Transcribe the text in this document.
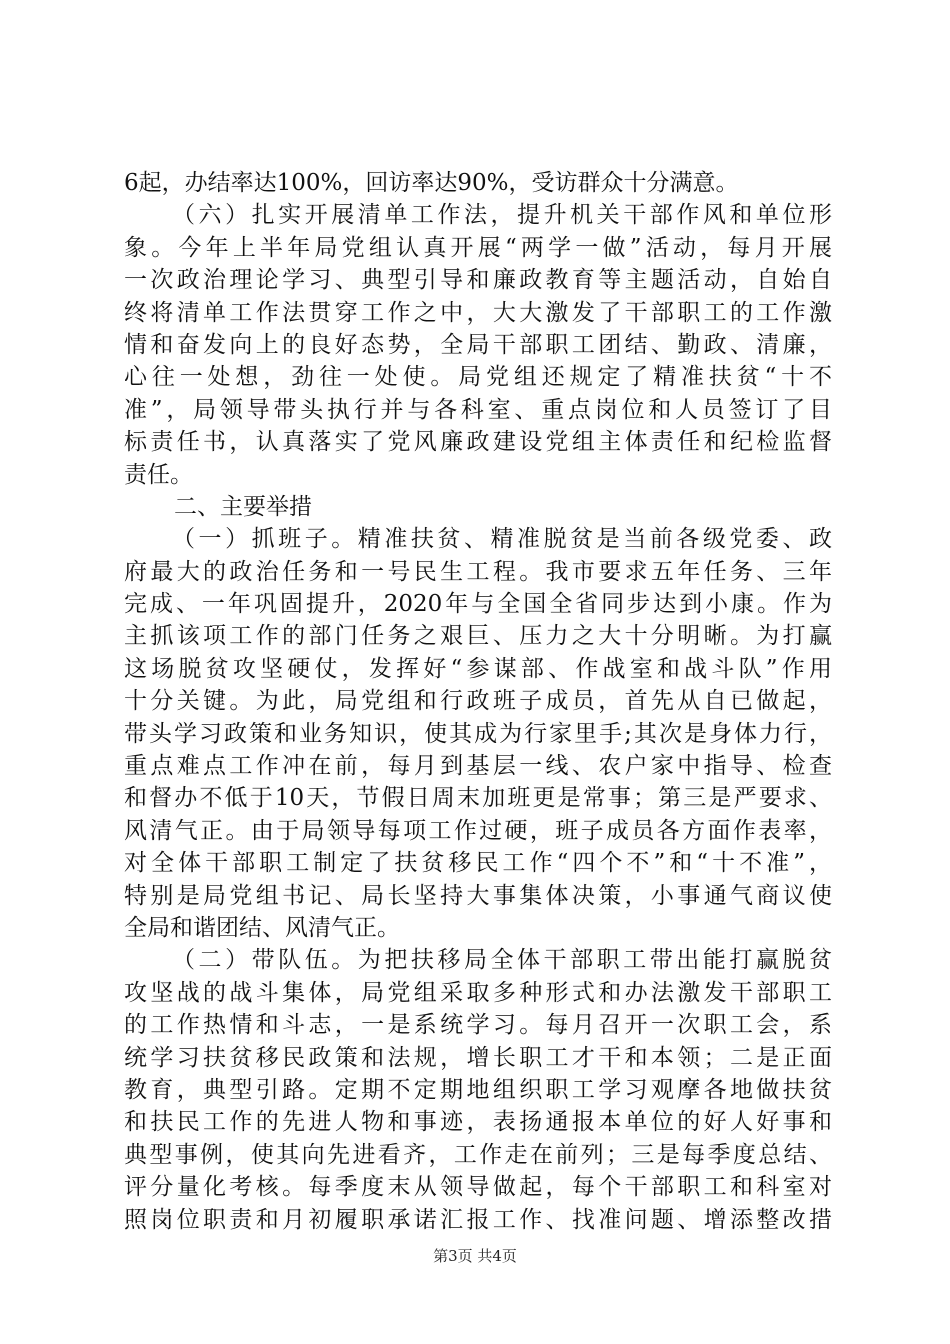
6起，办结率达100%，回访率达90%，受访群众十分满意。
（六）扎实开展清单工作法，提升机关干部作风和单位形
象。今年上半年局党组认真开展“两学一做”活动，每月开展
一次政治理论学习、典型引导和廉政教育等主题活动，自始自
终将清单工作法贯穿工作之中，大大激发了干部职工的工作激
情和奋发向上的良好态势，全局干部职工团结、勤政、清廉，
心往一处想，劲往一处使。局党组还规定了精准扶贫“十不
准”，局领导带头执行并与各科室、重点岗位和人员签订了目
标责任书，认真落实了党风廉政建设党组主体责任和纪检监督
责任。
二、主要举措
（一）抓班子。精准扶贫、精准脱贫是当前各级党委、政
府最大的政治任务和一号民生工程。我市要求五年任务、三年
完成、一年巩固提升，2020年与全国全省同步达到小康。作为
主抓该项工作的部门任务之艰巨、压力之大十分明晰。为打赢
这场脱贫攻坚硬仗，发挥好“参谋部、作战室和战斗队”作用
十分关键。为此，局党组和行政班子成员，首先从自已做起，
带头学习政策和业务知识，使其成为行家里手;其次是身体力行，
重点难点工作冲在前，每月到基层一线、农户家中指导、检查
和督办不低于10天，节假日周末加班更是常事；第三是严要求、
风清气正。由于局领导每项工作过硬，班子成员各方面作表率，
对全体干部职工制定了扶贫移民工作“四个不”和“十不准”，
特别是局党组书记、局长坚持大事集体决策，小事通气商议使
全局和谐团结、风清气正。
（二）带队伍。为把扶移局全体干部职工带出能打赢脱贫
攻坚战的战斗集体，局党组采取多种形式和办法激发干部职工
的工作热情和斗志，一是系统学习。每月召开一次职工会，系
统学习扶贫移民政策和法规，增长职工才干和本领；二是正面
教育，典型引路。定期不定期地组织职工学习观摩各地做扶贫
和扶民工作的先进人物和事迹，表扬通报本单位的好人好事和
典型事例，使其向先进看齐，工作走在前列；三是每季度总结、
评分量化考核。每季度末从领导做起，每个干部职工和科室对
照岗位职责和月初履职承诺汇报工作、找准问题、增添整改措
第3页 共4页
